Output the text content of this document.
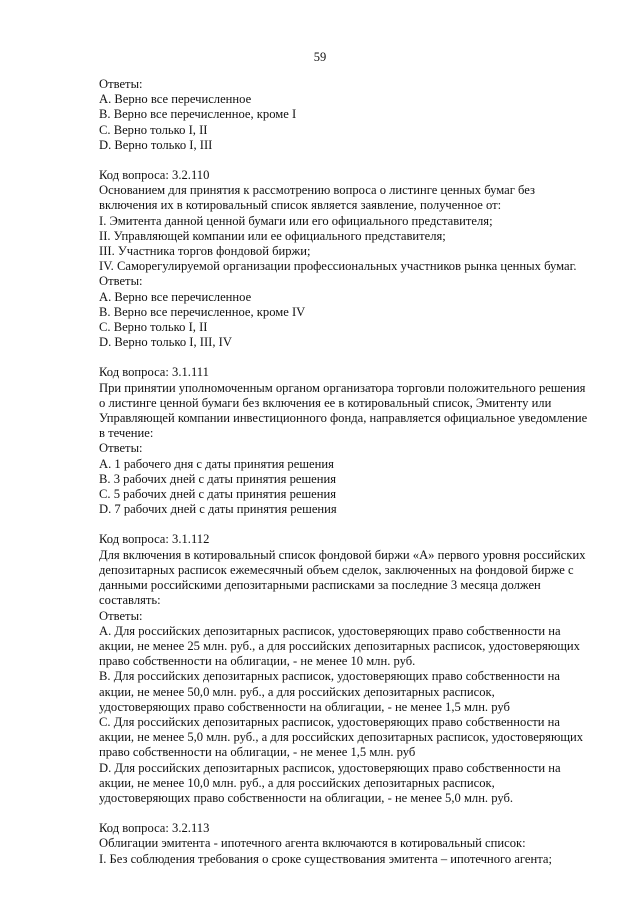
59
Ответы:
A. Верно все перечисленное
B. Верно все перечисленное, кроме I
C. Верно только I, II
D. Верно только I, III
Код вопроса: 3.2.110
Основанием для принятия к рассмотрению вопроса о листинге ценных бумаг без
включения их в котировальный список является заявление, полученное от:
I. Эмитента данной ценной бумаги или его официального представителя;
II. Управляющей компании или ее официального представителя;
III. Участника торгов фондовой биржи;
IV. Саморегулируемой организации профессиональных участников рынка ценных бумаг.
Ответы:
A. Верно все перечисленное
B. Верно все перечисленное, кроме IV
C. Верно только I, II
D. Верно только I, III, IV
Код вопроса: 3.1.111
При принятии уполномоченным органом организатора торговли положительного решения
о листинге ценной бумаги без включения ее в котировальный список, Эмитенту или
Управляющей компании инвестиционного фонда, направляется официальное уведомление
в течение:
Ответы:
A. 1 рабочего дня с даты принятия решения
B. 3 рабочих дней с даты принятия решения
C. 5 рабочих дней с даты принятия решения
D. 7 рабочих дней с даты принятия решения
Код вопроса: 3.1.112
Для включения в котировальный список фондовой биржи «А» первого уровня российских
депозитарных расписок ежемесячный объем сделок, заключенных на фондовой бирже с
данными российскими депозитарными расписками за последние 3 месяца должен
составлять:
Ответы:
A. Для российских депозитарных расписок, удостоверяющих право собственности на
акции, не менее 25 млн. руб., а для российских депозитарных расписок, удостоверяющих
право собственности на облигации, - не менее 10 млн. руб.
B. Для российских депозитарных расписок, удостоверяющих право собственности на
акции, не менее 50,0 млн. руб., а для российских депозитарных расписок,
удостоверяющих право собственности на облигации, - не менее 1,5 млн. руб
C. Для российских депозитарных расписок, удостоверяющих право собственности на
акции, не менее 5,0 млн. руб., а для российских депозитарных расписок, удостоверяющих
право собственности на облигации, - не менее 1,5 млн. руб
D. Для российских депозитарных расписок, удостоверяющих право собственности на
акции, не менее 10,0 млн. руб., а для российских депозитарных расписок,
удостоверяющих право собственности на облигации, - не менее 5,0 млн. руб.
Код вопроса: 3.2.113
Облигации эмитента - ипотечного агента включаются в котировальный список:
I. Без соблюдения требования о сроке существования эмитента – ипотечного агента;
